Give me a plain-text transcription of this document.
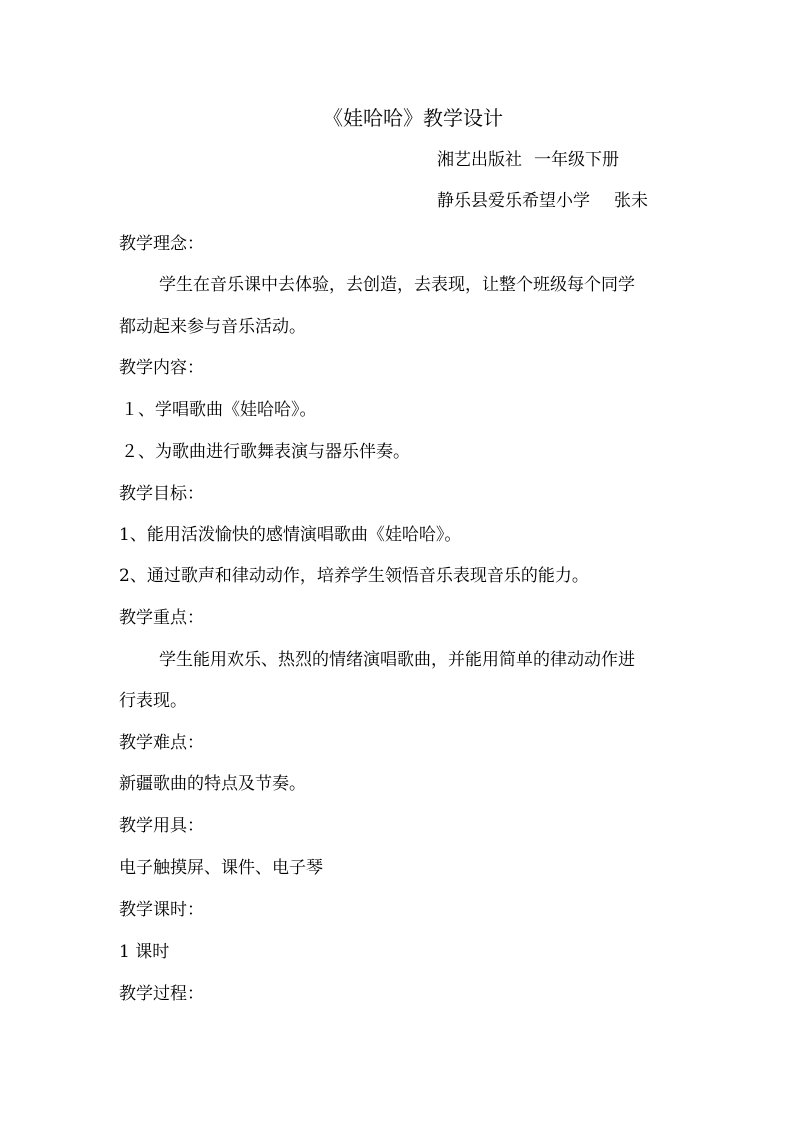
《娃哈哈》教学设计
湘艺出版社 一年级下册
静乐县爱乐希望小学 张未
教学理念：
学生在音乐课中去体验，去创造，去表现，让整个班级每个同学
都动起来参与音乐活动。
教学内容：
１、学唱歌曲《娃哈哈》。
２、为歌曲进行歌舞表演与器乐伴奏。
教学目标：
1、能用活泼愉快的感情演唱歌曲《娃哈哈》。
2、通过歌声和律动动作，培养学生领悟音乐表现音乐的能力。
教学重点：
学生能用欢乐、热烈的情绪演唱歌曲，并能用简单的律动动作进
行表现。
教学难点：
新疆歌曲的特点及节奏。
教学用具：
电子触摸屏、课件、电子琴
教学课时：
1 课时
教学过程：
